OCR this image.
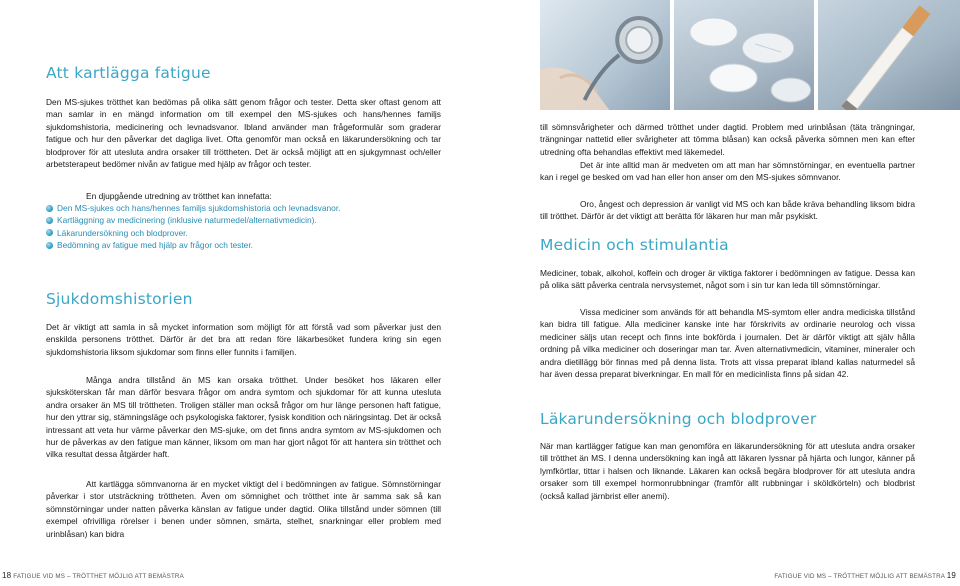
Att kartlägga fatigue

Den MS-sjukes trötthet kan bedömas på olika sätt genom frågor och tester. Detta sker oftast genom att man samlar in en mängd information om till exempel den MS-sjukes och hans/hennes familjs sjukdomshistoria, medicinering och levnadsvanor. Ibland använder man frågeformulär som graderar fatigue och hur den påverkar det dagliga livet. Ofta genomför man också en läkarundersökning och tar blodprover för att utesluta andra orsaker till tröttheten. Det är också möjligt att en sjukgymnast och/eller arbetsterapeut bedömer nivån av fatigue med hjälp av frågor och tester.

En djupgående utredning av trötthet kan innefatta:

Den MS-sjukes och hans/hennes familjs sjukdomshistoria och levnadsvanor.
Kartläggning av medicinering (inklusive naturmedel/alternativmedicin).
Läkarundersökning och blodprover.
Bedömning av fatigue med hjälp av frågor och tester.
Sjukdomshistorien

Det är viktigt att samla in så mycket information som möjligt för att förstå vad som påverkar just den enskilda personens trötthet. Därför är det bra att redan före läkarbesöket fundera kring sin egen sjukdomshistoria liksom sjukdomar som finns eller funnits i familjen.

Många andra tillstånd än MS kan orsaka trötthet. Under besöket hos läkaren eller sjuksköterskan får man därför besvara frågor om andra symtom och sjukdomar för att kunna utesluta andra orsaker än MS till tröttheten. Troligen ställer man också frågor om hur länge personen haft fatigue, hur den yttrar sig, stämningsläge och psykologiska faktorer, fysisk kondition och näringsintag. Det är också intressant att veta hur värme påverkar den MS-sjuke, om det finns andra symtom av MS-sjukdomen och hur de påverkas av den fatigue man känner, liksom om man har gjort något för att hantera sin trötthet och vilka resultat dessa åtgärder haft.

Att kartlägga sömnvanorna är en mycket viktigt del i bedömningen av fatigue. Sömnstörningar påverkar i stor utsträckning tröttheten. Även om sömnighet och trötthet inte är samma sak så kan sömnstörningar under natten påverka känslan av fatigue under dagtid. Olika tillstånd under sömnen (till exempel ofrivilliga rörelser i benen under sömnen, smärta, stelhet, snarkningar eller problem med urinblåsan) kan bidra

till sömnsvårigheter och därmed trötthet under dagtid. Problem med urinblåsan (täta trängningar, trängningar nattetid eller svårigheter att tömma blåsan) kan också påverka sömnen men kan efter utredning ofta behandlas effektivt med läkemedel.

Det är inte alltid man är medveten om att man har sömnstörningar, en eventuella partner kan i regel ge besked om vad han eller hon anser om den MS-sjukes sömnvanor.

Oro, ångest och depression är vanligt vid MS och kan både kräva behandling liksom bidra till trötthet. Därför är det viktigt att berätta för läkaren hur man mår psykiskt.

Medicin och stimulantia

Mediciner, tobak, alkohol, koffein och droger är viktiga faktorer i bedömningen av fatigue. Dessa kan på olika sätt påverka centrala nervsystemet, något som i sin tur kan leda till sömnstörningar.

Vissa mediciner som används för att behandla MS-symtom eller andra mediciska tillstånd kan bidra till fatigue. Alla mediciner kanske inte har förskrivits av ordinarie neurolog och vissa mediciner säljs utan recept och finns inte bokförda i journalen. Det är därför viktigt att själv hålla ordning på vilka mediciner och doseringar man tar. Även alternativmedicin, vitaminer, mineraler och andra dietillägg bör finnas med på denna lista. Trots att vissa preparat ibland kallas naturmedel så har även dessa preparat biverkningar. En mall för en medicinlista finns på sidan 42.

Läkarundersökning och blodprover

När man kartlägger fatigue kan man genomföra en läkarundersökning för att utesluta andra orsaker till trötthet än MS. I denna undersökning kan ingå att läkaren lyssnar på hjärta och lungor, känner på lymfkörtlar, tittar i halsen och liknande. Läkaren kan också begära blodprover för att utesluta andra orsaker som till exempel hormonrubbningar (framför allt rubbningar i sköldkörteln) och blodbrist (också kallad järnbrist eller anemi).

18 FATIGUE VID MS – TRÖTTHET MÖJLIG ATT BEMÄSTRA	FATIGUE VID MS – TRÖTTHET MÖJLIG ATT BEMÄSTRA 19
